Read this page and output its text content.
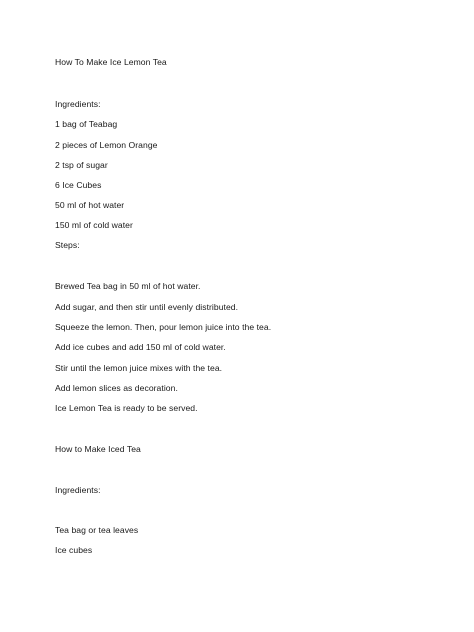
How To Make Ice Lemon Tea
Ingredients:
1 bag of Teabag
2 pieces of Lemon Orange
2 tsp of sugar
6 Ice Cubes
50 ml of hot water
150 ml of cold water
Steps:
Brewed Tea bag in 50 ml of hot water.
Add sugar, and then stir until evenly distributed.
Squeeze the lemon. Then, pour lemon juice into the tea.
Add ice cubes and add 150 ml of cold water.
Stir until the lemon juice mixes with the tea.
Add lemon slices as decoration.
Ice Lemon Tea is ready to be served.
How to Make Iced Tea
Ingredients:
Tea bag or tea leaves
Ice cubes
